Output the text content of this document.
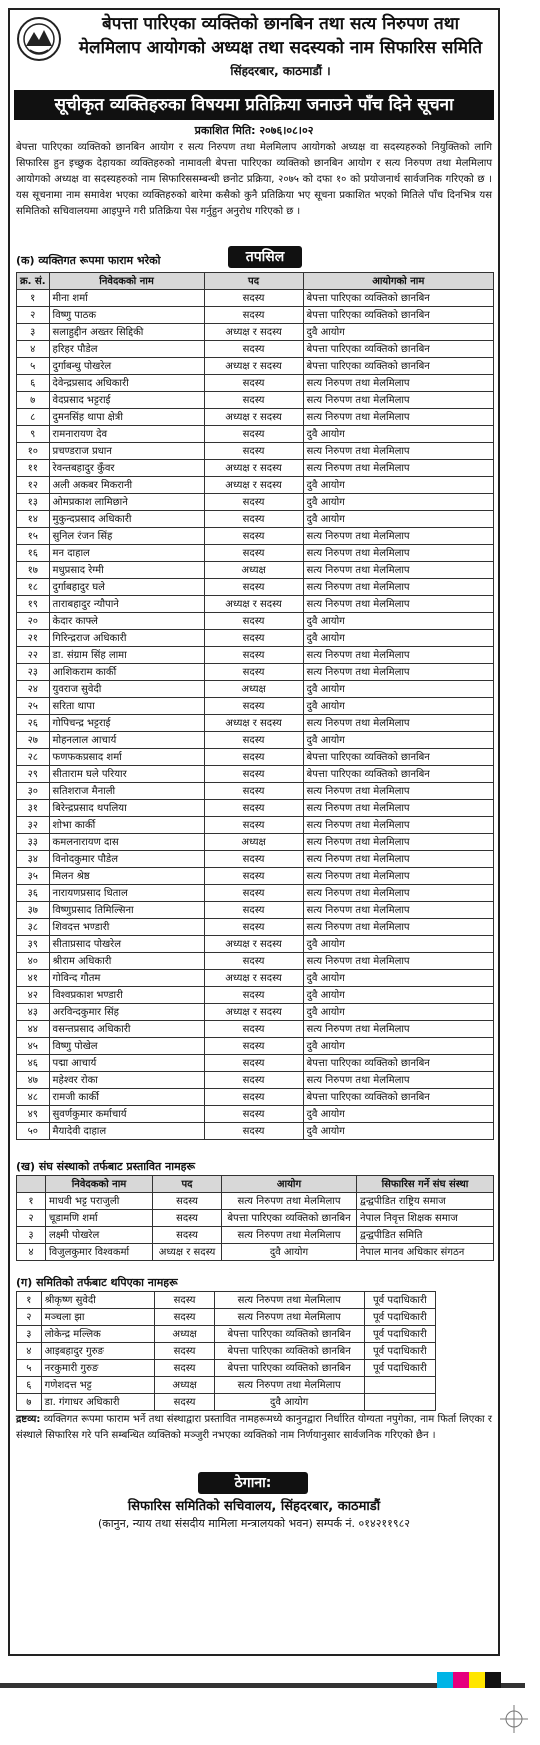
बेपत्ता पारिएका व्यक्तिको छानबिन तथा सत्य निरुपण तथा
मेलमिलाप आयोगको अध्यक्ष तथा सदस्यको नाम सिफारिस समिति
सिंहदरबार, काठमाडौं ।
सूचीकृत व्यक्तिहरुका विषयमा प्रतिक्रिया जनाउने पाँच दिने सूचना
प्रकाशित मिति: २०७६।०८।०२
बेपत्ता पारिएका व्यक्तिको छानबिन आयोग र सत्य निरुपण तथा मेलमिलाप आयोगको अध्यक्ष वा सदस्यहरुको नियुक्तिको लागि सिफारिस हुन इच्छुक देहायका व्यक्तिहरुको नामावली बेपत्ता पारिएका व्यक्तिको छानबिन आयोग र सत्य निरुपण तथा मेलमिलाप आयोगको अध्यक्ष वा सदस्यहरुको नाम सिफारिससम्बन्धी छनोट प्रक्रिया, २०७५ को दफा १० को प्रयोजनार्थ सार्वजनिक गरिएको छ । यस सूचनामा नाम समावेश भएका व्यक्तिहरुको बारेमा कसैको कुनै प्रतिक्रिया भए सूचना प्रकाशित भएको मितिले पाँच दिनभित्र यस समितिको सचिवालयमा आइपुग्ने गरी प्रतिक्रिया पेस गर्नुहुन अनुरोध गरिएको छ ।
(क) व्यक्तिगत रूपमा फाराम भरेको	तपसिल
क्र. सं.	निवेदकको नाम	पद	आयोगको नाम
१	मीना शर्मा	सदस्य	बेपत्ता पारिएका व्यक्तिको छानबिन
२	विष्णु पाठक	सदस्य	बेपत्ता पारिएका व्यक्तिको छानबिन
३	सलाहुद्दीन अख्तर सिद्दिकी	अध्यक्ष र सदस्य	दुवै आयोग
४	हरिहर पौडेल	सदस्य	बेपत्ता पारिएका व्यक्तिको छानबिन
५	दुर्गाबन्धु पोखरेल	अध्यक्ष र सदस्य	बेपत्ता पारिएका व्यक्तिको छानबिन
६	देवेन्द्रप्रसाद अधिकारी	सदस्य	सत्य निरुपण तथा मेलमिलाप
७	वेदप्रसाद भट्टराई	सदस्य	सत्य निरुपण तथा मेलमिलाप
८	दुमनसिंह थापा क्षेत्री	अध्यक्ष र सदस्य	सत्य निरुपण तथा मेलमिलाप
९	रामनारायण देव	सदस्य	दुवै आयोग
१०	प्रचण्डराज प्रधान	सदस्य	सत्य निरुपण तथा मेलमिलाप
११	रेवन्तबहादुर कुँवर	अध्यक्ष र सदस्य	सत्य निरुपण तथा मेलमिलाप
१२	अली अकबर मिकरानी	अध्यक्ष र सदस्य	दुवै आयोग
१३	ओमप्रकाश लामिछाने	सदस्य	दुवै आयोग
१४	मुकुन्दप्रसाद अधिकारी	सदस्य	दुवै आयोग
१५	सुनिल रंजन सिंह	सदस्य	सत्य निरुपण तथा मेलमिलाप
१६	मन दाहाल	सदस्य	सत्य निरुपण तथा मेलमिलाप
१७	मधुप्रसाद रेग्मी	अध्यक्ष	सत्य निरुपण तथा मेलमिलाप
१८	दुर्गाबहादुर घले	सदस्य	सत्य निरुपण तथा मेलमिलाप
१९	ताराबहादुर न्यौपाने	अध्यक्ष र सदस्य	सत्य निरुपण तथा मेलमिलाप
२०	केदार काफ्ले	सदस्य	दुवै आयोग
२१	गिरिन्द्रराज अधिकारी	सदस्य	दुवै आयोग
२२	डा. संग्राम सिंह लामा	सदस्य	सत्य निरुपण तथा मेलमिलाप
२३	आशिकराम कार्की	सदस्य	सत्य निरुपण तथा मेलमिलाप
२४	युवराज सुवेदी	अध्यक्ष	दुवै आयोग
२५	सरिता थापा	सदस्य	दुवै आयोग
२६	गोपिचन्द्र भट्टराई	अध्यक्ष र सदस्य	सत्य निरुपण तथा मेलमिलाप
२७	मोहनलाल आचार्य	सदस्य	दुवै आयोग
२८	फणफकप्रसाद शर्मा	सदस्य	बेपत्ता पारिएका व्यक्तिको छानबिन
२९	सीताराम घले परियार	सदस्य	बेपत्ता पारिएका व्यक्तिको छानबिन
३०	सतिशराज मैनाली	सदस्य	सत्य निरुपण तथा मेलमिलाप
३१	बिरेन्द्रप्रसाद थपलिया	सदस्य	सत्य निरुपण तथा मेलमिलाप
३२	शोभा कार्की	सदस्य	सत्य निरुपण तथा मेलमिलाप
३३	कमलनारायण दास	अध्यक्ष	सत्य निरुपण तथा मेलमिलाप
३४	विनोदकुमार पौडेल	सदस्य	सत्य निरुपण तथा मेलमिलाप
३५	मिलन श्रेष्ठ	सदस्य	सत्य निरुपण तथा मेलमिलाप
३६	नारायणप्रसाद धिताल	सदस्य	सत्य निरुपण तथा मेलमिलाप
३७	विष्णुप्रसाद तिमिल्सिना	सदस्य	सत्य निरुपण तथा मेलमिलाप
३८	शिवदत्त भण्डारी	सदस्य	सत्य निरुपण तथा मेलमिलाप
३९	सीताप्रसाद पोखरेल	अध्यक्ष र सदस्य	दुवै आयोग
४०	श्रीराम अधिकारी	सदस्य	सत्य निरुपण तथा मेलमिलाप
४१	गोविन्द गौतम	अध्यक्ष र सदस्य	दुवै आयोग
४२	विश्वप्रकाश भण्डारी	सदस्य	दुवै आयोग
४३	अरविन्दकुमार सिंह	अध्यक्ष र सदस्य	दुवै आयोग
४४	वसन्तप्रसाद अधिकारी	सदस्य	सत्य निरुपण तथा मेलमिलाप
४५	विष्णु पोखेल	सदस्य	दुवै आयोग
४६	पद्मा आचार्य	सदस्य	बेपत्ता पारिएका व्यक्तिको छानबिन
४७	महेश्वर रोका	सदस्य	सत्य निरुपण तथा मेलमिलाप
४८	रामजी कार्की	सदस्य	बेपत्ता पारिएका व्यक्तिको छानबिन
४९	सुवर्णकुमार कर्माचार्य	सदस्य	दुवै आयोग
५०	मैयादेवी दाहाल	सदस्य	दुवै आयोग
(ख) संघ संस्थाको तर्फबाट प्रस्तावित नामहरू
	निवेदकको नाम	पद	आयोग	सिफारिस गर्ने संघ संस्था
१	माधवी भट्ट पराजुली	सदस्य	सत्य निरुपण तथा मेलमिलाप	द्वन्द्वपीडित राष्ट्रिय समाज
२	चूडामणि शर्मा	सदस्य	बेपत्ता पारिएका व्यक्तिको छानबिन	नेपाल निवृत्त शिक्षक समाज
३	लक्ष्मी पोखरेल	सदस्य	सत्य निरुपण तथा मेलमिलाप	द्वन्द्वपीडित समिति
४	विजुलकुमार विश्वकर्मा	अध्यक्ष र सदस्य	दुवै आयोग	नेपाल मानव अधिकार संगठन
(ग) समितिको तर्फबाट थपिएका नामहरू
१	श्रीकृष्ण सुवेदी	सदस्य	सत्य निरुपण तथा मेलमिलाप	पूर्व पदाधिकारी
२	मञ्चला झा	सदस्य	सत्य निरुपण तथा मेलमिलाप	पूर्व पदाधिकारी
३	लोकेन्द्र मल्लिक	अध्यक्ष	बेपत्ता पारिएका व्यक्तिको छानबिन	पूर्व पदाधिकारी
४	आइबहादुर गुरुङ	सदस्य	बेपत्ता पारिएका व्यक्तिको छानबिन	पूर्व पदाधिकारी
५	नरकुमारी गुरुङ	सदस्य	बेपत्ता पारिएका व्यक्तिको छानबिन	पूर्व पदाधिकारी
६	गणेशदत्त भट्ट	अध्यक्ष	सत्य निरुपण तथा मेलमिलाप	
७	डा. गंगाधर अधिकारी	सदस्य	दुवै आयोग	
द्रष्टव्य: व्यक्तिगत रूपमा फाराम भर्ने तथा संस्थाद्वारा प्रस्तावित नामहरूमध्ये कानुनद्वारा निर्धारित योग्यता नपुगेका, नाम फिर्ता लिएका र संस्थाले सिफारिस गरे पनि सम्बन्धित व्यक्तिको मञ्जुरी नभएका व्यक्तिको नाम निर्णयानुसार सार्वजनिक गरिएको छैन ।
ठेगाना:
सिफारिस समितिको सचिवालय, सिंहदरबार, काठमाडौं
(कानुन, न्याय तथा संसदीय मामिला मन्त्रालयको भवन) सम्पर्क नं. ०१४२११९८२
